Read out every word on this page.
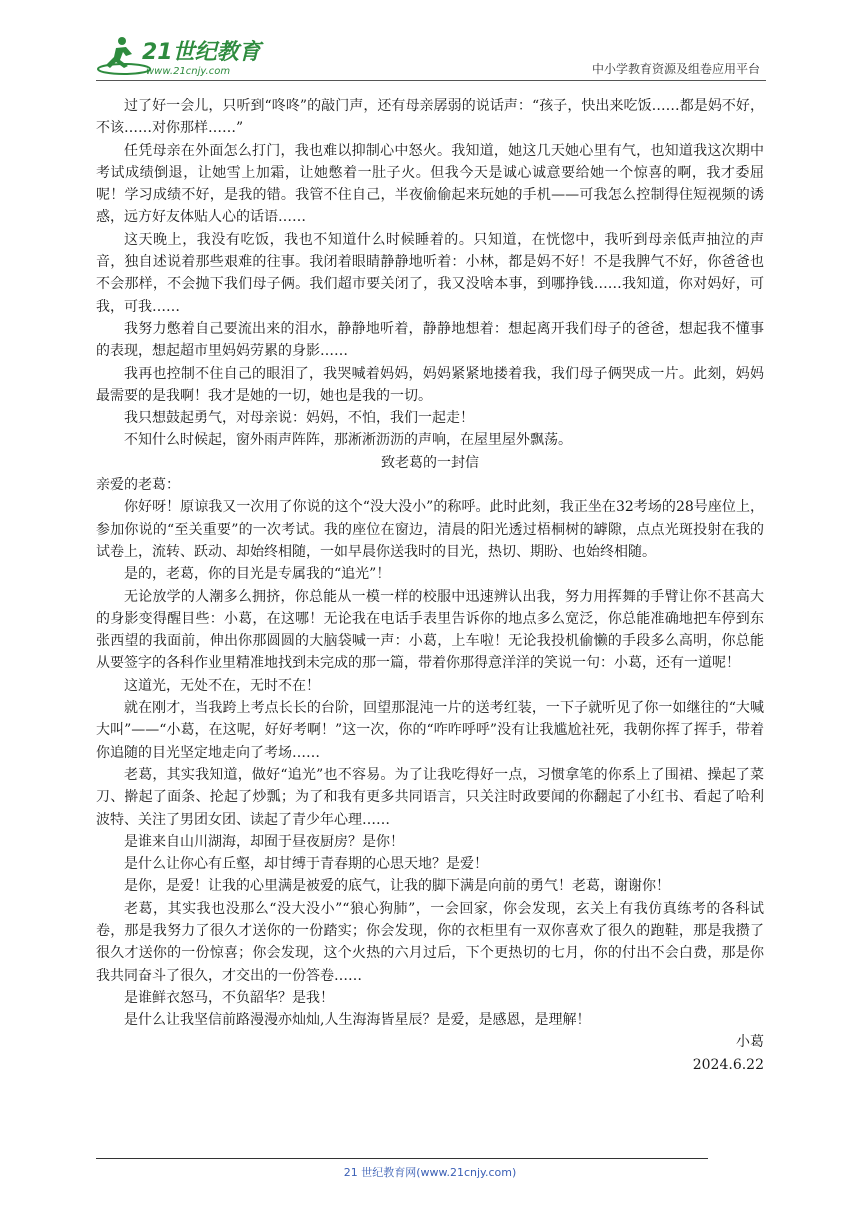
21世纪教育
www.21cnjy.com	中小学教育资源及组卷应用平台

过了好一会儿，只听到“咚咚”的敲门声，还有母亲孱弱的说话声：“孩子，快出来吃饭……都是妈不好，不该……对你那样……”

任凭母亲在外面怎么打门，我也难以抑制心中怒火。我知道，她这几天她心里有气，也知道我这次期中考试成绩倒退，让她雪上加霜，让她憋着一肚子火。但我今天是诚心诚意要给她一个惊喜的啊，我才委屈呢！学习成绩不好，是我的错。我管不住自己，半夜偷偷起来玩她的手机——可我怎么控制得住短视频的诱惑，远方好友体贴人心的话语……

这天晚上，我没有吃饭，我也不知道什么时候睡着的。只知道，在恍惚中，我听到母亲低声抽泣的声音，独自述说着那些艰难的往事。我闭着眼睛静静地听着：小林，都是妈不好！不是我脾气不好，你爸爸也不会那样，不会抛下我们母子俩。我们超市要关闭了，我又没啥本事，到哪挣钱……我知道，你对妈好，可我，可我……

我努力憋着自己要流出来的泪水，静静地听着，静静地想着：想起离开我们母子的爸爸，想起我不懂事的表现，想起超市里妈妈劳累的身影……

我再也控制不住自己的眼泪了，我哭喊着妈妈，妈妈紧紧地搂着我，我们母子俩哭成一片。此刻，妈妈最需要的是我啊！我才是她的一切，她也是我的一切。

我只想鼓起勇气，对母亲说：妈妈，不怕，我们一起走！

不知什么时候起，窗外雨声阵阵，那淅淅沥沥的声响，在屋里屋外飘荡。

致老葛的一封信

亲爱的老葛：

你好呀！原谅我又一次用了你说的这个“没大没小”的称呼。此时此刻，我正坐在32考场的28号座位上，参加你说的“至关重要”的一次考试。我的座位在窗边，清晨的阳光透过梧桐树的罅隙，点点光斑投射在我的试卷上，流转、跃动、却始终相随，一如早晨你送我时的目光，热切、期盼、也始终相随。

是的，老葛，你的目光是专属我的“追光”！

无论放学的人潮多么拥挤，你总能从一模一样的校服中迅速辨认出我，努力用挥舞的手臂让你不甚高大的身影变得醒目些：小葛，在这哪！无论我在电话手表里告诉你的地点多么宽泛，你总能准确地把车停到东张西望的我面前，伸出你那圆圆的大脑袋喊一声：小葛，上车啦！无论我投机偷懒的手段多么高明，你总能从要签字的各科作业里精准地找到未完成的那一篇，带着你那得意洋洋的笑说一句：小葛，还有一道呢！

这道光，无处不在，无时不在！

就在刚才，当我跨上考点长长的台阶，回望那混沌一片的送考红装，一下子就听见了你一如继往的“大喊大叫”——“小葛，在这呢，好好考啊！”这一次，你的“咋咋呼呼”没有让我尴尬社死，我朝你挥了挥手，带着你追随的目光坚定地走向了考场……

老葛，其实我知道，做好“追光”也不容易。为了让我吃得好一点，习惯拿笔的你系上了围裙、操起了菜刀、擀起了面条、抡起了炒瓢；为了和我有更多共同语言，只关注时政要闻的你翻起了小红书、看起了哈利波特、关注了男团女团、读起了青少年心理……

是谁来自山川湖海，却囿于昼夜厨房？是你！

是什么让你心有丘壑，却甘缚于青春期的心思天地？是爱！

是你，是爱！让我的心里满是被爱的底气，让我的脚下满是向前的勇气！老葛，谢谢你！

老葛，其实我也没那么“没大没小”“狼心狗肺”，一会回家，你会发现，玄关上有我仿真练考的各科试卷，那是我努力了很久才送你的一份踏实；你会发现，你的衣柜里有一双你喜欢了很久的跑鞋，那是我攒了很久才送你的一份惊喜；你会发现，这个火热的六月过后，下个更热切的七月，你的付出不会白费，那是你我共同奋斗了很久，才交出的一份答卷……

是谁鲜衣怒马，不负韶华？是我！

是什么让我坚信前路漫漫亦灿灿,人生海海皆星辰？是爱，是感恩，是理解！

小葛

2024.6.22

21 世纪教育网(www.21cnjy.com)
